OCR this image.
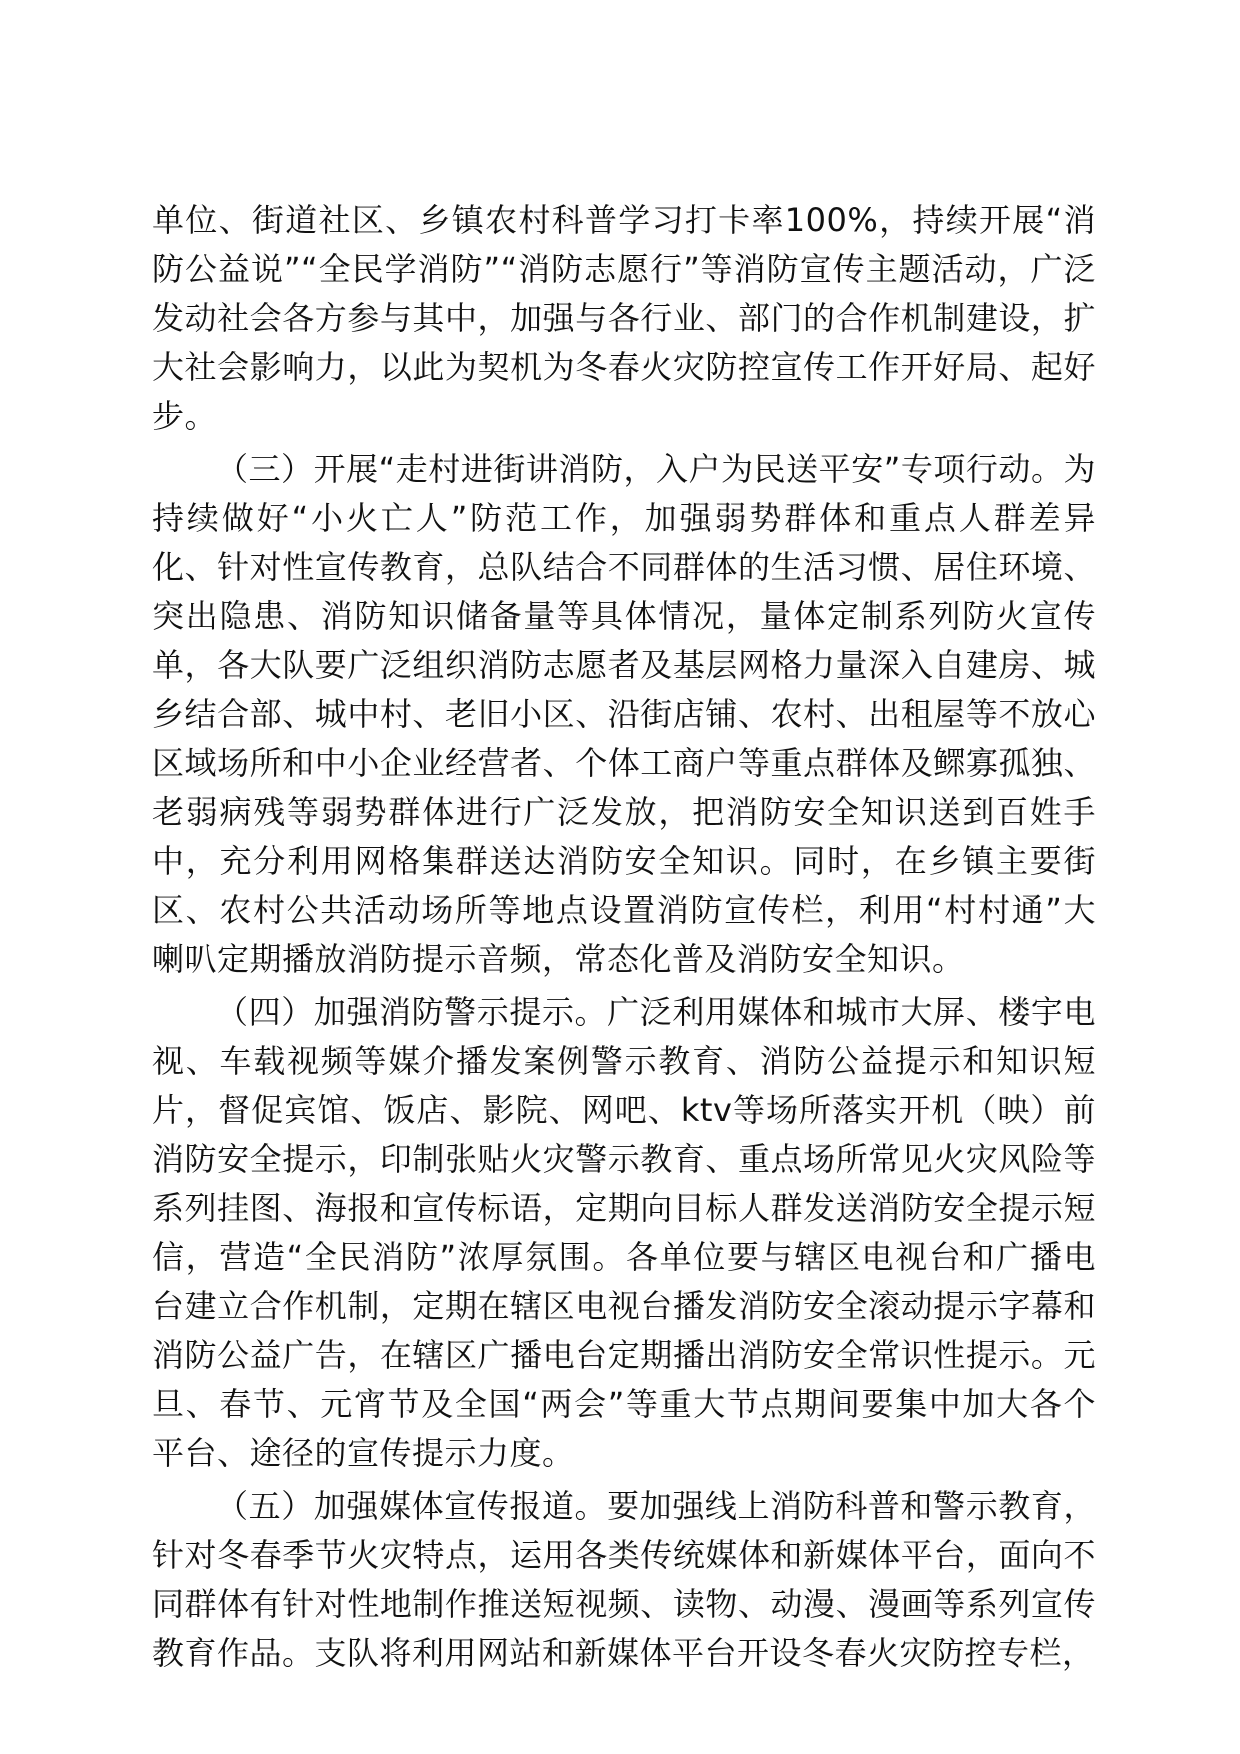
单位、街道社区、乡镇农村科普学习打卡率100%，持续开展“消防公益说”“全民学消防”“消防志愿行”等消防宣传主题活动，广泛发动社会各方参与其中，加强与各行业、部门的合作机制建设，扩大社会影响力，以此为契机为冬春火灾防控宣传工作开好局、起好步。

（三）开展“走村进街讲消防，入户为民送平安”专项行动。为持续做好“小火亡人”防范工作，加强弱势群体和重点人群差异化、针对性宣传教育，总队结合不同群体的生活习惯、居住环境、突出隐患、消防知识储备量等具体情况，量体定制系列防火宣传单，各大队要广泛组织消防志愿者及基层网格力量深入自建房、城乡结合部、城中村、老旧小区、沿街店铺、农村、出租屋等不放心区域场所和中小企业经营者、个体工商户等重点群体及鳏寡孤独、老弱病残等弱势群体进行广泛发放，把消防安全知识送到百姓手中，充分利用网格集群送达消防安全知识。同时，在乡镇主要街区、农村公共活动场所等地点设置消防宣传栏，利用“村村通”大喇叭定期播放消防提示音频，常态化普及消防安全知识。

（四）加强消防警示提示。广泛利用媒体和城市大屏、楼宇电视、车载视频等媒介播发案例警示教育、消防公益提示和知识短片，督促宾馆、饭店、影院、网吧、ktv等场所落实开机（映）前消防安全提示，印制张贴火灾警示教育、重点场所常见火灾风险等系列挂图、海报和宣传标语，定期向目标人群发送消防安全提示短信，营造“全民消防”浓厚氛围。各单位要与辖区电视台和广播电台建立合作机制，定期在辖区电视台播发消防安全滚动提示字幕和消防公益广告，在辖区广播电台定期播出消防安全常识性提示。元旦、春节、元宵节及全国“两会”等重大节点期间要集中加大各个平台、途径的宣传提示力度。

（五）加强媒体宣传报道。要加强线上消防科普和警示教育，针对冬春季节火灾特点，运用各类传统媒体和新媒体平台，面向不同群体有针对性地制作推送短视频、读物、动漫、漫画等系列宣传教育作品。支队将利用网站和新媒体平台开设冬春火灾防控专栏，
